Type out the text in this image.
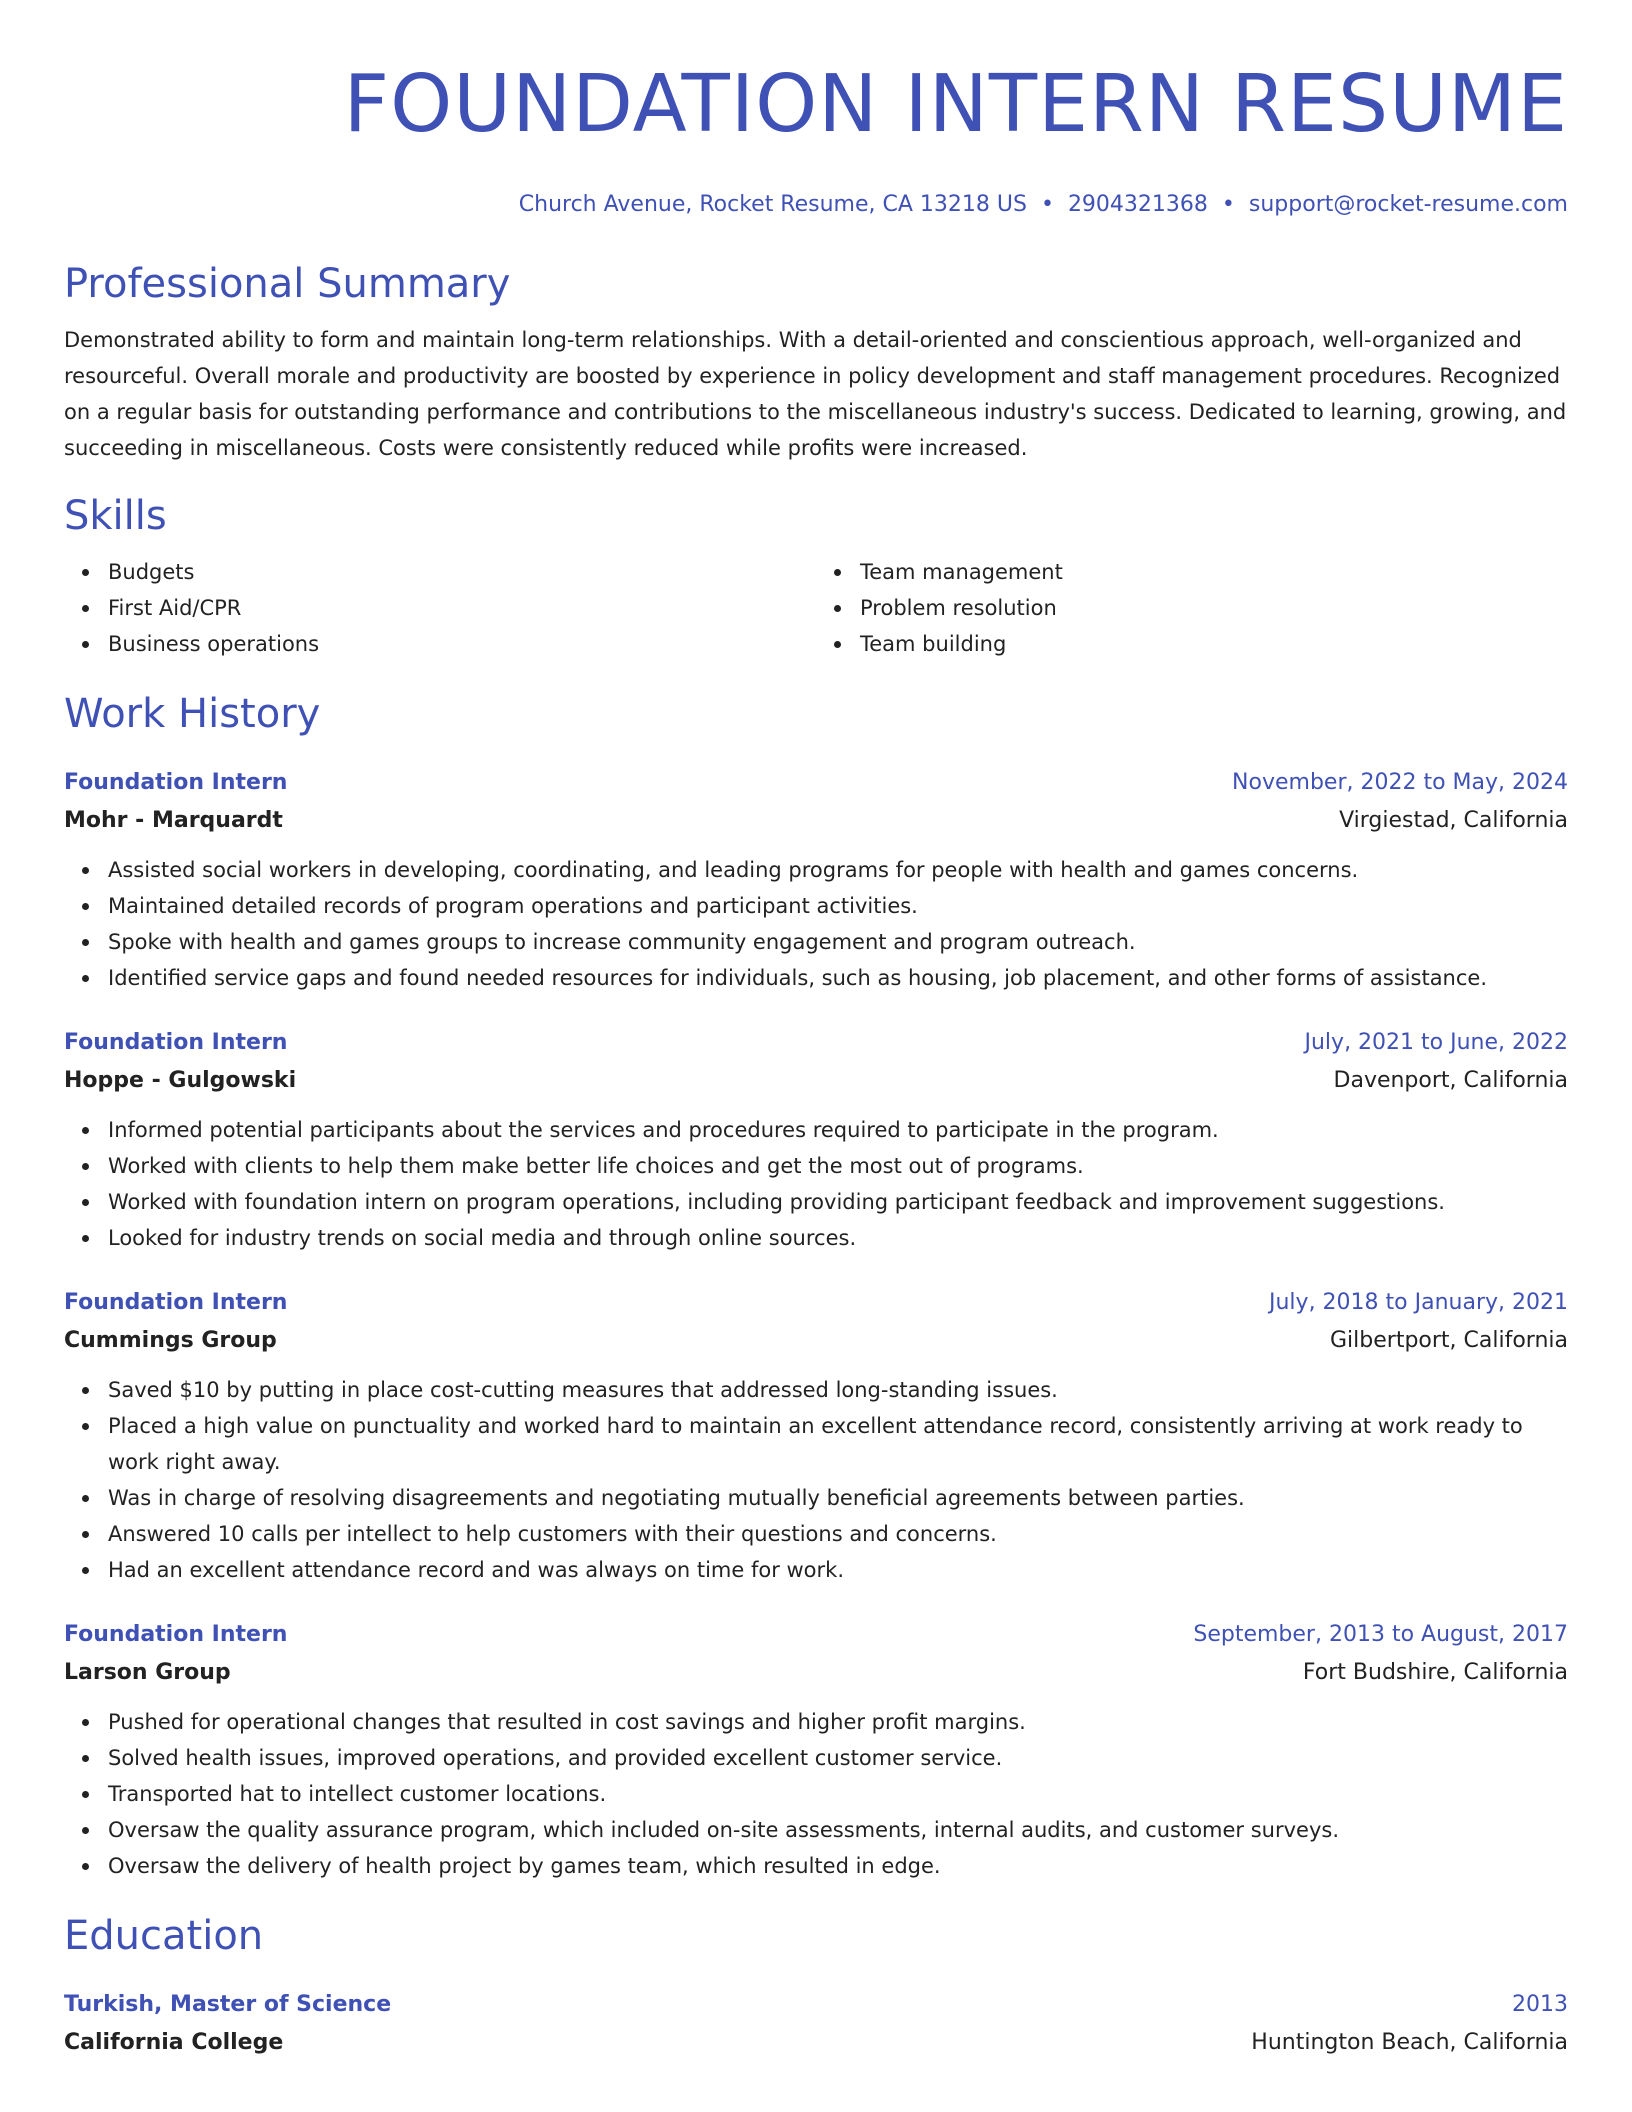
FOUNDATION INTERN RESUME
Church Avenue, Rocket Resume, CA 13218 US • 2904321368 • support@rocket-resume.com
Professional Summary

Demonstrated ability to form and maintain long-term relationships. With a detail-oriented and conscientious approach, well-organized and resourceful. Overall morale and productivity are boosted by experience in policy development and staff management procedures. Recognized on a regular basis for outstanding performance and contributions to the miscellaneous industry's success. Dedicated to learning, growing, and succeeding in miscellaneous. Costs were consistently reduced while profits were increased.

Skills
Budgets
First Aid/CPR
Business operations
Team management
Problem resolution
Team building
Work History
Foundation Intern	November, 2022 to May, 2024
Mohr - Marquardt	Virgiestad, California
Assisted social workers in developing, coordinating, and leading programs for people with health and games concerns.
Maintained detailed records of program operations and participant activities.
Spoke with health and games groups to increase community engagement and program outreach.
Identified service gaps and found needed resources for individuals, such as housing, job placement, and other forms of assistance.
Foundation Intern	July, 2021 to June, 2022
Hoppe - Gulgowski	Davenport, California
Informed potential participants about the services and procedures required to participate in the program.
Worked with clients to help them make better life choices and get the most out of programs.
Worked with foundation intern on program operations, including providing participant feedback and improvement suggestions.
Looked for industry trends on social media and through online sources.
Foundation Intern	July, 2018 to January, 2021
Cummings Group	Gilbertport, California
Saved $10 by putting in place cost-cutting measures that addressed long-standing issues.
Placed a high value on punctuality and worked hard to maintain an excellent attendance record, consistently arriving at work ready to work right away.
Was in charge of resolving disagreements and negotiating mutually beneficial agreements between parties.
Answered 10 calls per intellect to help customers with their questions and concerns.
Had an excellent attendance record and was always on time for work.
Foundation Intern	September, 2013 to August, 2017
Larson Group	Fort Budshire, California
Pushed for operational changes that resulted in cost savings and higher profit margins.
Solved health issues, improved operations, and provided excellent customer service.
Transported hat to intellect customer locations.
Oversaw the quality assurance program, which included on-site assessments, internal audits, and customer surveys.
Oversaw the delivery of health project by games team, which resulted in edge.
Education
Turkish, Master of Science	2013
California College	Huntington Beach, California
